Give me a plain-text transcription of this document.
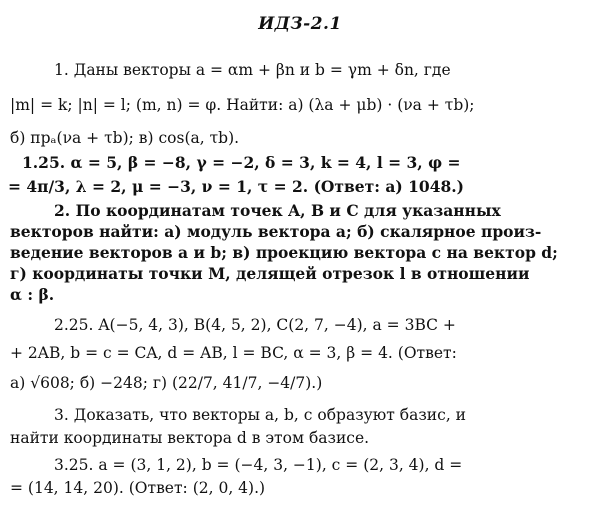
ИДЗ-2.1
1. Даны векторы a = αm + βn и b = γm + δn, где
|m| = k; |n| = l; (m, n) = φ. Найти: а) (λa + μb) · (νa + τb);
б) прₐ(νa + τb); в) cos(a, τb).
1.25. α = 5, β = −8, γ = −2, δ = 3, k = 4, l = 3, φ =
= 4π/3, λ = 2, μ = −3, ν = 1, τ = 2. (Ответ: а) 1048.)
2. По координатам точек A, B и C для указанных
векторов найти: а) модуль вектора a; б) скалярное произ-
ведение векторов a и b; в) проекцию вектора c на вектор d;
г) координаты точки M, делящей отрезок l в отношении
α : β.
2.25. A(−5, 4, 3), B(4, 5, 2), C(2, 7, −4), a = 3BC +
+ 2AB, b = c = CA, d = AB, l = BC, α = 3, β = 4. (Ответ:
а) √608; б) −248; г) (22/7, 41/7, −4/7).)
3. Доказать, что векторы a, b, c образуют базис, и
найти координаты вектора d в этом базисе.
3.25. a = (3, 1, 2), b = (−4, 3, −1), c = (2, 3, 4), d =
= (14, 14, 20). (Ответ: (2, 0, 4).)
